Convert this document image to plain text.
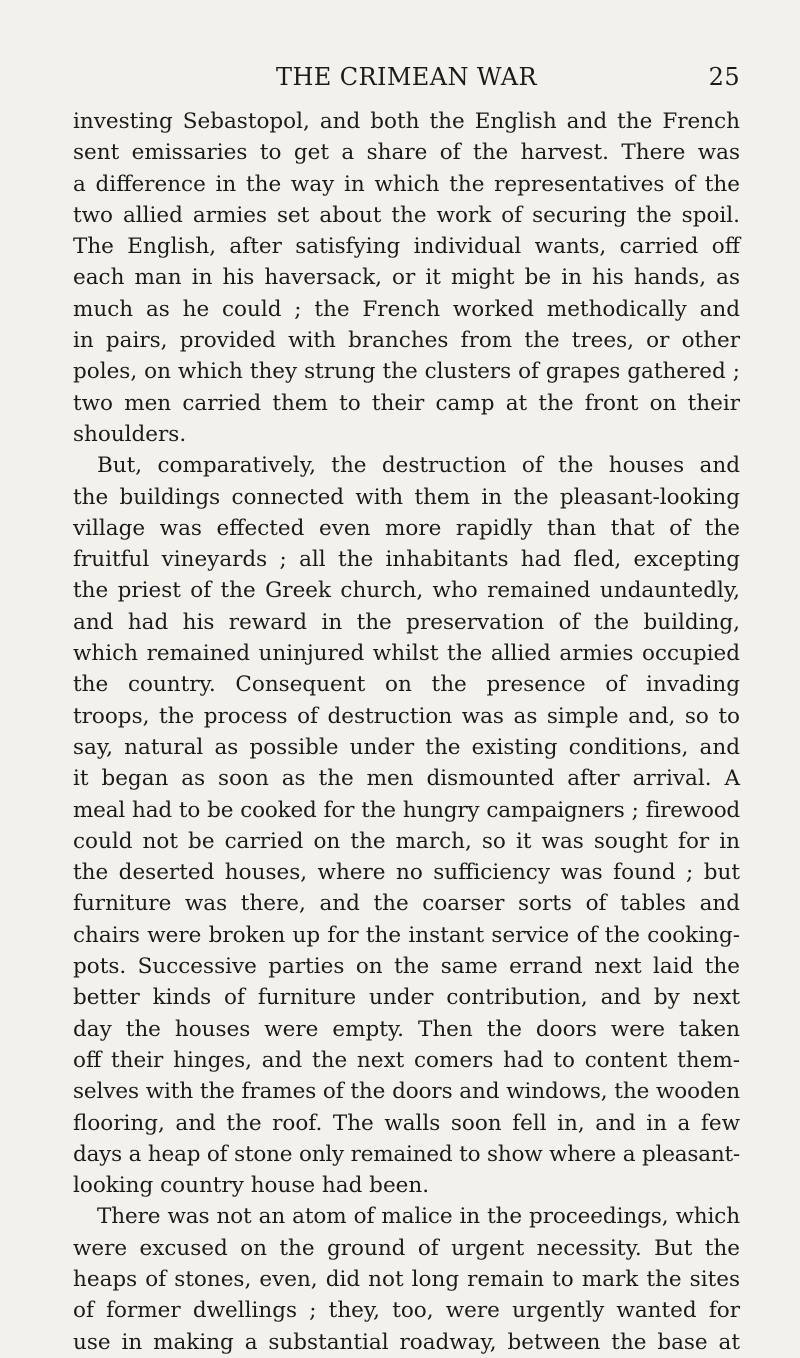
THE CRIMEAN WAR	25
investing Sebastopol, and both the English and the French
sent emissaries to get a share of the harvest. There was
a difference in the way in which the representatives of the
two allied armies set about the work of securing the spoil.
The English, after satisfying individual wants, carried off
each man in his haversack, or it might be in his hands, as
much as he could ; the French worked methodically and
in pairs, provided with branches from the trees, or other
poles, on which they strung the clusters of grapes gathered ;
two men carried them to their camp at the front on their
shoulders.
But, comparatively, the destruction of the houses and
the buildings connected with them in the pleasant-looking
village was effected even more rapidly than that of the
fruitful vineyards ; all the inhabitants had fled, excepting
the priest of the Greek church, who remained undauntedly,
and had his reward in the preservation of the building,
which remained uninjured whilst the allied armies occupied
the country. Consequent on the presence of invading
troops, the process of destruction was as simple and, so to
say, natural as possible under the existing conditions, and
it began as soon as the men dismounted after arrival. A
meal had to be cooked for the hungry campaigners ; firewood
could not be carried on the march, so it was sought for in
the deserted houses, where no sufficiency was found ; but
furniture was there, and the coarser sorts of tables and
chairs were broken up for the instant service of the cooking-
pots. Successive parties on the same errand next laid the
better kinds of furniture under contribution, and by next
day the houses were empty. Then the doors were taken
off their hinges, and the next comers had to content them-
selves with the frames of the doors and windows, the wooden
flooring, and the roof. The walls soon fell in, and in a few
days a heap of stone only remained to show where a pleasant-
looking country house had been.
There was not an atom of malice in the proceedings, which
were excused on the ground of urgent necessity. But the
heaps of stones, even, did not long remain to mark the sites
of former dwellings ; they, too, were urgently wanted for
use in making a substantial roadway, between the base at
